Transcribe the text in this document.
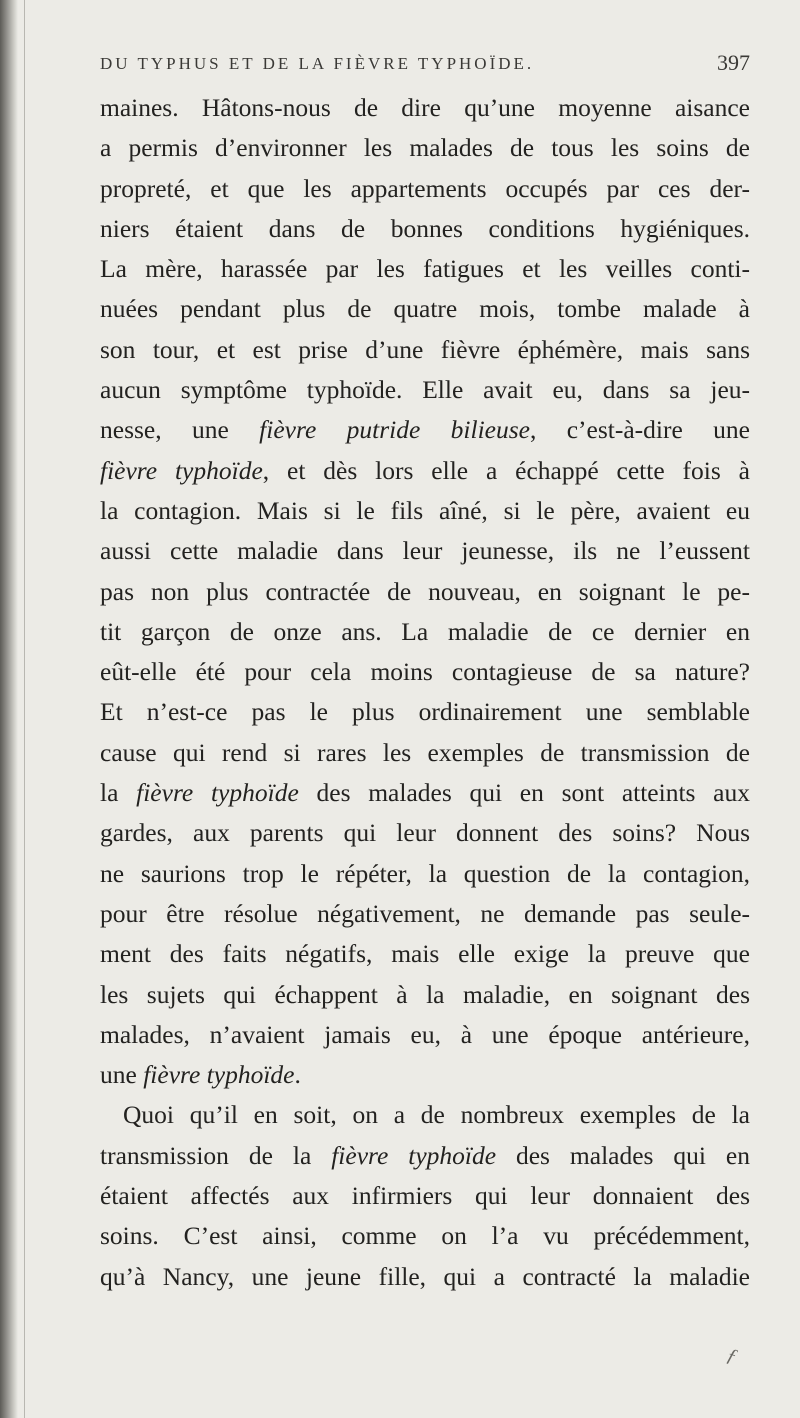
DU TYPHUS ET DE LA FIÈVRE TYPHOÏDE.	397
maines. Hâtons-nous de dire qu’une moyenne aisance
a permis d’environner les malades de tous les soins de
propreté, et que les appartements occupés par ces der-
niers étaient dans de bonnes conditions hygiéniques.
La mère, harassée par les fatigues et les veilles conti-
nuées pendant plus de quatre mois, tombe malade à
son tour, et est prise d’une fièvre éphémère, mais sans
aucun symptôme typhoïde. Elle avait eu, dans sa jeu-
nesse, une fièvre putride bilieuse, c’est-à-dire une
fièvre typhoïde, et dès lors elle a échappé cette fois à
la contagion. Mais si le fils aîné, si le père, avaient eu
aussi cette maladie dans leur jeunesse, ils ne l’eussent
pas non plus contractée de nouveau, en soignant le pe-
tit garçon de onze ans. La maladie de ce dernier en
eût-elle été pour cela moins contagieuse de sa nature?
Et n’est-ce pas le plus ordinairement une semblable
cause qui rend si rares les exemples de transmission de
la fièvre typhoïde des malades qui en sont atteints aux
gardes, aux parents qui leur donnent des soins? Nous
ne saurions trop le répéter, la question de la contagion,
pour être résolue négativement, ne demande pas seule-
ment des faits négatifs, mais elle exige la preuve que
les sujets qui échappent à la maladie, en soignant des
malades, n’avaient jamais eu, à une époque antérieure,
une fièvre typhoïde.
Quoi qu’il en soit, on a de nombreux exemples de la
transmission de la fièvre typhoïde des malades qui en
étaient affectés aux infirmiers qui leur donnaient des
soins. C’est ainsi, comme on l’a vu précédemment,
qu’à Nancy, une jeune fille, qui a contracté la maladie
ƒ
